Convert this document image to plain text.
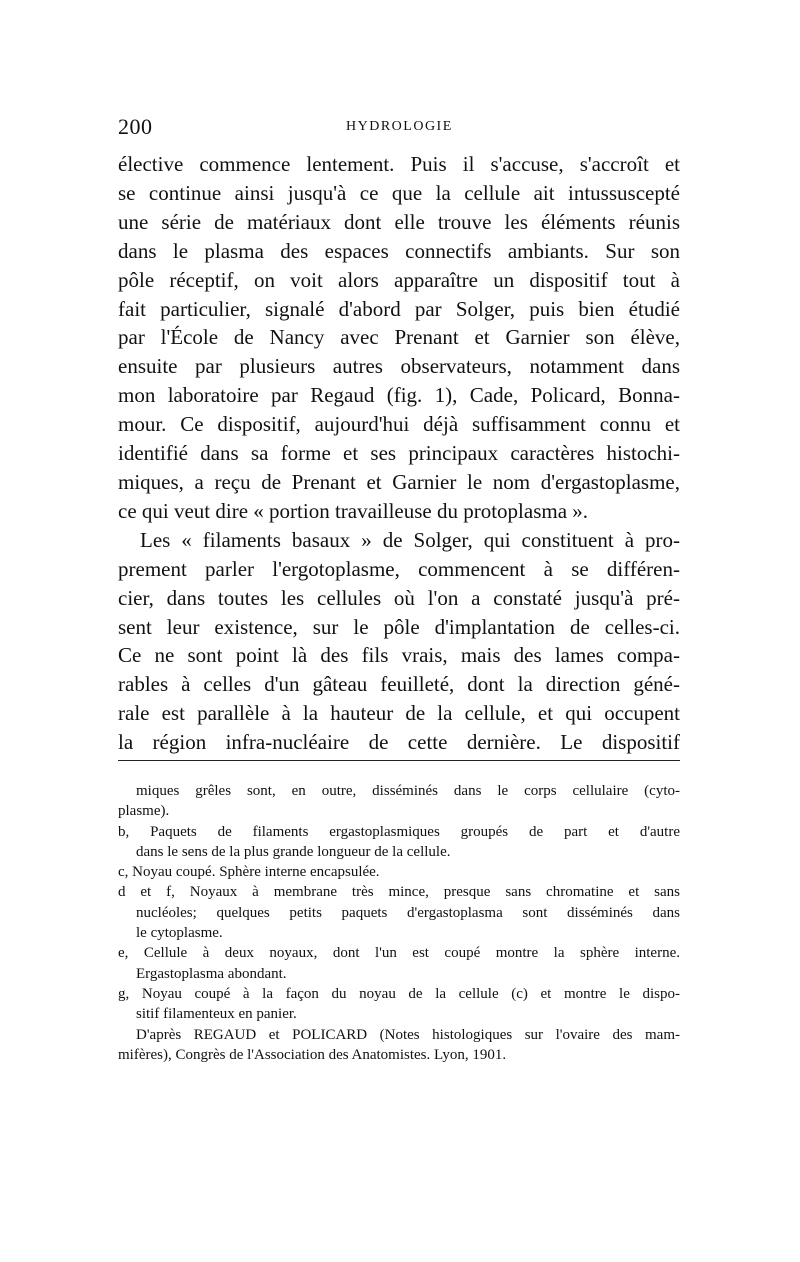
200	HYDROLOGIE
élective commence lentement. Puis il s'accuse, s'accroît et
se continue ainsi jusqu'à ce que la cellule ait intussuscepté
une série de matériaux dont elle trouve les éléments réunis
dans le plasma des espaces connectifs ambiants. Sur son
pôle réceptif, on voit alors apparaître un dispositif tout à
fait particulier, signalé d'abord par Solger, puis bien étudié
par l'École de Nancy avec Prenant et Garnier son élève,
ensuite par plusieurs autres observateurs, notamment dans
mon laboratoire par Regaud (fig. 1), Cade, Policard, Bonna-
mour. Ce dispositif, aujourd'hui déjà suffisamment connu et
identifié dans sa forme et ses principaux caractères histochi-
miques, a reçu de Prenant et Garnier le nom d'ergastoplasme,
ce qui veut dire « portion travailleuse du protoplasma ».
Les « filaments basaux » de Solger, qui constituent à pro-
prement parler l'ergotoplasme, commencent à se différen-
cier, dans toutes les cellules où l'on a constaté jusqu'à pré-
sent leur existence, sur le pôle d'implantation de celles-ci.
Ce ne sont point là des fils vrais, mais des lames compa-
rables à celles d'un gâteau feuilleté, dont la direction géné-
rale est parallèle à la hauteur de la cellule, et qui occupent
la région infra-nucléaire de cette dernière. Le dispositif
miques grêles sont, en outre, disséminés dans le corps cellulaire (cyto-
plasme).
b, Paquets de filaments ergastoplasmiques groupés de part et d'autre
dans le sens de la plus grande longueur de la cellule.
c, Noyau coupé. Sphère interne encapsulée.
d et f, Noyaux à membrane très mince, presque sans chromatine et sans
nucléoles; quelques petits paquets d'ergastoplasma sont disséminés dans
le cytoplasme.
e, Cellule à deux noyaux, dont l'un est coupé montre la sphère interne.
Ergastoplasma abondant.
g, Noyau coupé à la façon du noyau de la cellule (c) et montre le dispo-
sitif filamenteux en panier.
D'après REGAUD et POLICARD (Notes histologiques sur l'ovaire des mam-
mifères), Congrès de l'Association des Anatomistes. Lyon, 1901.
